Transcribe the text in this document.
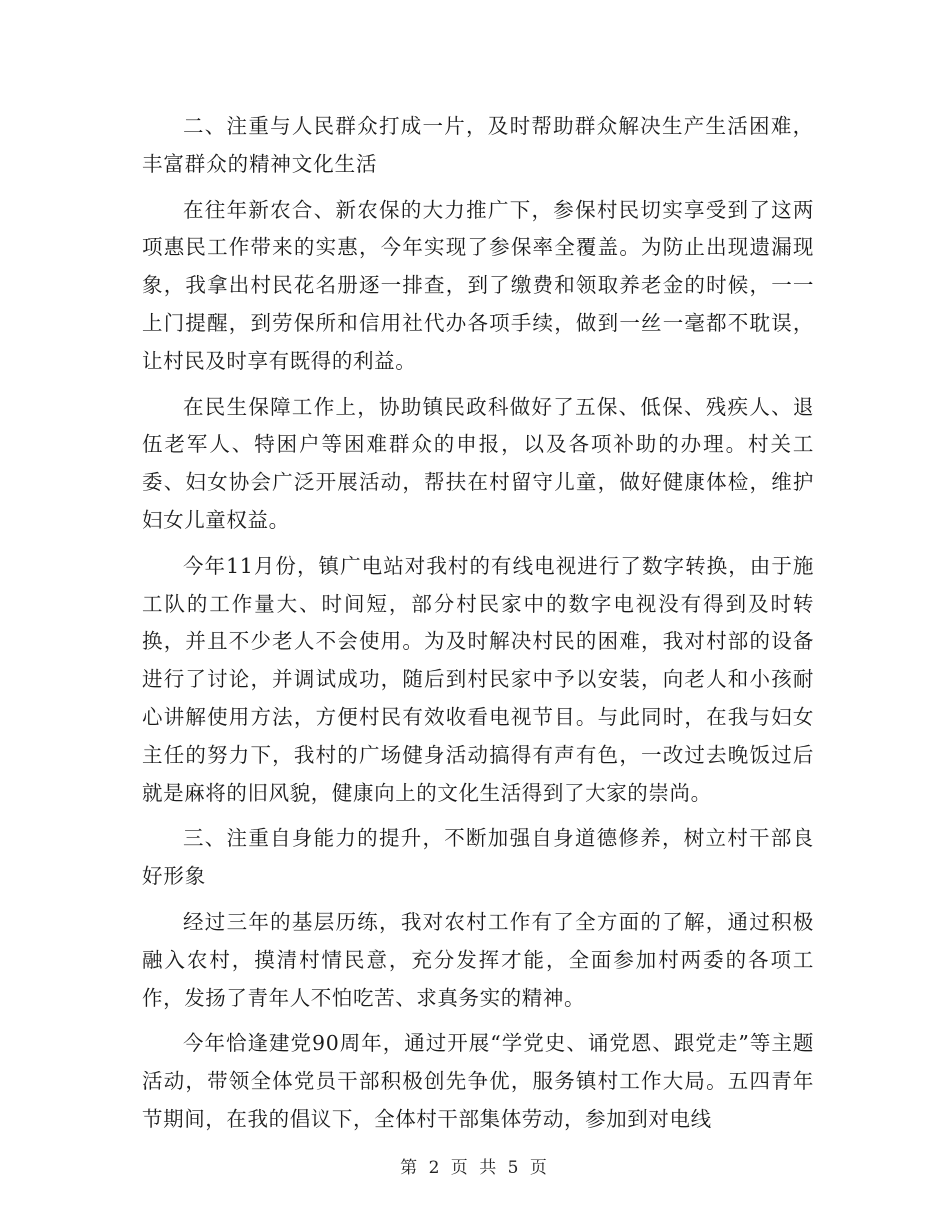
二、注重与人民群众打成一片，及时帮助群众解决生产生活困难，丰富群众的精神文化生活

在往年新农合、新农保的大力推广下，参保村民切实享受到了这两项惠民工作带来的实惠，今年实现了参保率全覆盖。为防止出现遗漏现象，我拿出村民花名册逐一排查，到了缴费和领取养老金的时候，一一上门提醒，到劳保所和信用社代办各项手续，做到一丝一毫都不耽误，让村民及时享有既得的利益。

在民生保障工作上，协助镇民政科做好了五保、低保、残疾人、退伍老军人、特困户等困难群众的申报，以及各项补助的办理。村关工委、妇女协会广泛开展活动，帮扶在村留守儿童，做好健康体检，维护妇女儿童权益。

今年11月份，镇广电站对我村的有线电视进行了数字转换，由于施工队的工作量大、时间短，部分村民家中的数字电视没有得到及时转换，并且不少老人不会使用。为及时解决村民的困难，我对村部的设备进行了讨论，并调试成功，随后到村民家中予以安装，向老人和小孩耐心讲解使用方法，方便村民有效收看电视节目。与此同时，在我与妇女主任的努力下，我村的广场健身活动搞得有声有色，一改过去晚饭过后就是麻将的旧风貌，健康向上的文化生活得到了大家的崇尚。

三、注重自身能力的提升，不断加强自身道德修养，树立村干部良好形象

经过三年的基层历练，我对农村工作有了全方面的了解，通过积极融入农村，摸清村情民意，充分发挥才能，全面参加村两委的各项工作，发扬了青年人不怕吃苦、求真务实的精神。

今年恰逢建党90周年，通过开展“学党史、诵党恩、跟党走”等主题活动，带领全体党员干部积极创先争优，服务镇村工作大局。五四青年节期间，在我的倡议下，全体村干部集体劳动，参加到对电线

第 2 页 共 5 页
